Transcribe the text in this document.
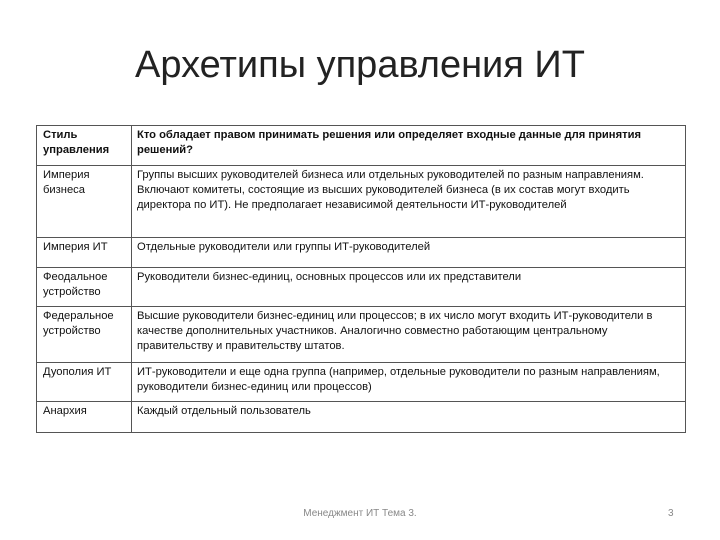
Архетипы управления ИТ
Стиль управления	Кто обладает правом принимать решения или определяет входные данные для принятия решений?
Империя бизнеса	Группы высших руководителей бизнеса или отдельных руководителей по разным направлениям. Включают комитеты, состоящие из высших руководителей бизнеса (в их состав могут входить директора по ИТ). Не предполагает независимой деятельности ИТ-руководителей
Империя ИТ	Отдельные руководители или группы ИТ-руководителей
Феодальное устройство	Руководители бизнес-единиц, основных процессов или их представители
Федеральное устройство	Высшие руководители бизнес-единиц или процессов; в их число могут входить ИТ-руководители в качестве дополнительных участников. Аналогично совместно работающим центральному правительству и правительству штатов.
Дуополия ИТ	ИТ-руководители и еще одна группа (например, отдельные руководители по разным направлениям, руководители бизнес-единиц или процессов)
Анархия	Каждый отдельный пользователь
Менеджмент ИТ Тема 3.	3
